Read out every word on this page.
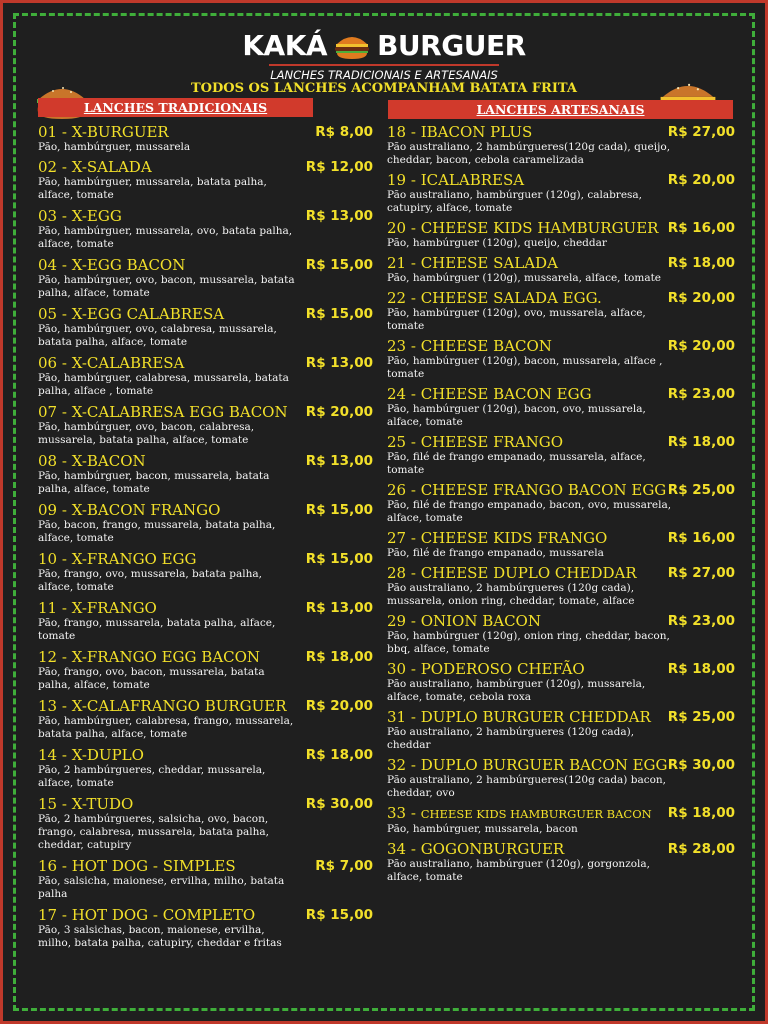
KAKÁ BURGUER
LANCHES TRADICIONAIS E ARTESANAIS
TODOS OS LANCHES ACOMPANHAM BATATA FRITA
LANCHES TRADICIONAIS	LANCHES ARTESANAIS
01 - X-BURGUER	R$ 8,00
Pão, hambúrguer, mussarela
02 - X-SALADA	R$ 12,00
Pão, hambúrguer, mussarela, batata palha, alface, tomate
03 - X-EGG	R$ 13,00
Pão, hambúrguer, mussarela, ovo, batata palha, alface, tomate
04 - X-EGG BACON	R$ 15,00
Pão, hambúrguer, ovo, bacon, mussarela, batata palha, alface, tomate
05 - X-EGG CALABRESA	R$ 15,00
Pão, hambúrguer, ovo, calabresa, mussarela, batata palha, alface, tomate
06 - X-CALABRESA	R$ 13,00
Pão, hambúrguer, calabresa, mussarela, batata palha, alface , tomate
07 - X-CALABRESA EGG BACON	R$ 20,00
Pão, hambúrguer, ovo, bacon, calabresa, mussarela, batata palha, alface, tomate
08 - X-BACON	R$ 13,00
Pão, hambúrguer, bacon, mussarela, batata palha, alface, tomate
09 - X-BACON FRANGO	R$ 15,00
Pão, bacon, frango, mussarela, batata palha, alface, tomate
10 - X-FRANGO EGG	R$ 15,00
Pão, frango, ovo, mussarela, batata palha, alface, tomate
11 - X-FRANGO	R$ 13,00
Pão, frango, mussarela, batata palha, alface, tomate
12 - X-FRANGO EGG BACON	R$ 18,00
Pão, frango, ovo, bacon, mussarela, batata palha, alface, tomate
13 - X-CALAFRANGO BURGUER	R$ 20,00
Pão, hambúrguer, calabresa, frango, mussarela, batata palha, alface, tomate
14 - X-DUPLO	R$ 18,00
Pão, 2 hambúrgueres, cheddar, mussarela, alface, tomate
15 - X-TUDO	R$ 30,00
Pão, 2 hambúrgueres, salsicha, ovo, bacon, frango, calabresa, mussarela, batata palha, cheddar, catupiry
16 - HOT DOG - SIMPLES	R$ 7,00
Pão, salsicha, maionese, ervilha, milho, batata palha
17 - HOT DOG - COMPLETO	R$ 15,00
Pão, 3 salsichas, bacon, maionese, ervilha, milho, batata palha, catupiry, cheddar e fritas
18 - IBACON PLUS	R$ 27,00
Pão australiano, 2 hambúrgueres(120g cada), queijo, cheddar, bacon, cebola caramelizada
19 - ICALABRESA	R$ 20,00
Pão australiano, hambúrguer (120g), calabresa, catupiry, alface, tomate
20 - CHEESE KIDS HAMBURGUER R$ 16,00
Pão, hambúrguer (120g), queijo, cheddar
21 - CHEESE SALADA	R$ 18,00
Pão, hambúrguer (120g), mussarela, alface, tomate
22 - CHEESE SALADA EGG.	R$ 20,00
Pão, hambúrguer (120g), ovo, mussarela, alface, tomate
23 - CHEESE BACON	R$ 20,00
Pão, hambúrguer (120g), bacon, mussarela, alface , tomate
24 - CHEESE BACON EGG	R$ 23,00
Pão, hambúrguer (120g), bacon, ovo, mussarela, alface, tomate
25 - CHEESE FRANGO	R$ 18,00
Pão, filé de frango empanado, mussarela, alface, tomate
26 - CHEESE FRANGO BACON EGG R$ 25,00
Pão, filé de frango empanado, bacon, ovo, mussarela, alface, tomate
27 - CHEESE KIDS FRANGO	R$ 16,00
Pão, filé de frango empanado, mussarela
28 - CHEESE DUPLO CHEDDAR	R$ 27,00
Pão australiano, 2 hambúrgueres (120g cada), mussarela, onion ring, cheddar, tomate, alface
29 - ONION BACON	R$ 23,00
Pão, hambúrguer (120g), onion ring, cheddar, bacon, bbq, alface, tomate
30 - PODEROSO CHEFÃO	R$ 18,00
Pão australiano, hambúrguer (120g), mussarela, alface, tomate, cebola roxa
31 - DUPLO BURGUER CHEDDAR	R$ 25,00
Pão australiano, 2 hambúrgueres (120g cada), cheddar
32 - DUPLO BURGUER BACON EGG R$ 30,00
Pão australiano, 2 hambúrgueres(120g cada) bacon, cheddar, ovo
33 - CHEESE KIDS HAMBURGUER BACON	R$ 18,00
Pão, hambúrguer, mussarela, bacon
34 - GOGONBURGUER	R$ 28,00
Pão australiano, hambúrguer (120g), gorgonzola, alface, tomate
